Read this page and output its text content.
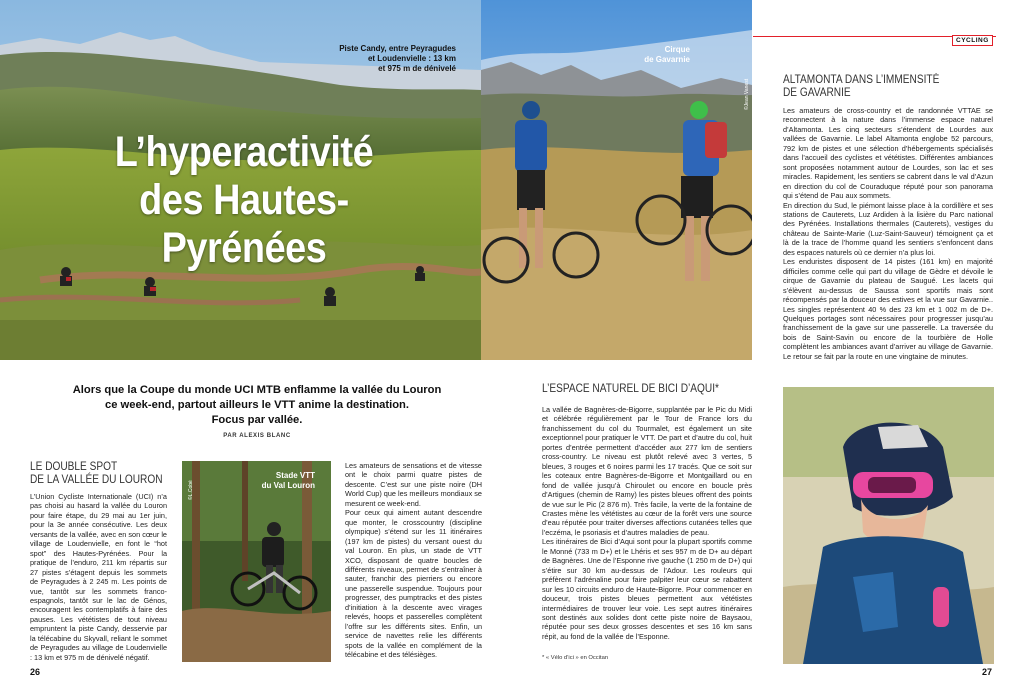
Piste Candy, entre Peyragudes
et Loudenvielle : 13 km
et 975 m de dénivelé
L’hyperactivité
des Hautes-Pyrénées
Cirque
de Gavarnie
©Jean Vanest
CYCLING
ALTAMONTA DANS L’IMMENSITÉ
DE GAVARNIE

Les amateurs de cross-country et de randonnée VTTAE se reconnectent à la nature dans l’immense espace naturel d’Altamonta. Les cinq secteurs s’étendent de Lourdes aux vallées de Gavarnie. Le label Altamonta englobe 52 parcours, 792 km de pistes et une sélection d’hébergements spécialisés dans l’accueil des cyclistes et vététistes. Différentes ambiances sont proposées notamment autour de Lourdes, son lac et ses miracles. Rapidement, les sentiers se cabrent dans le val d’Azun en direction du col de Couraduque réputé pour son panorama qui s’étend de Pau aux sommets.

En direction du Sud, le piémont laisse place à la cordillère et ses stations de Cauterets, Luz Ardiden à la lisière du Parc national des Pyrénées. Installations thermales (Cauterets), vestiges du château de Sainte-Marie (Luz-Saint-Sauveur) témoignent ça et là de la trace de l’homme quand les sentiers s’enfoncent dans des espaces naturels où ce dernier n’a plus loi.

Les enduristes disposent de 14 pistes (161 km) en majorité difficiles comme celle qui part du village de Gèdre et dévoile le cirque de Gavarnie du plateau de Saugué. Les lacets qui s’élèvent au-dessus de Saussa sont sportifs mais sont récompensés par la douceur des estives et la vue sur Gavarnie.. Les singles représentent 40 % des 23 km et 1 002 m de D+. Quelques portages sont nécessaires pour progresser jusqu’au franchissement de la gave sur une passerelle. La traversée du bois de Saint-Savin ou encore de la tourbière de Holle complètent les ambiances avant d’arriver au village de Gavarnie. Le retour se fait par la route en une vingtaine de minutes.

Alors que la Coupe du monde UCI MTB enflamme la vallée du Louron

ce week-end, partout ailleurs le VTT anime la destination.

Focus par vallée.

PAR ALEXIS BLANC
LE DOUBLE SPOT
DE LA VALLÉE DU LOURON

L’Union Cycliste Internationale (UCI) n’a pas choisi au hasard la vallée du Louron pour faire étape, du 29 mai au 1er juin, pour la 3e année consécutive. Les deux versants de la vallée, avec en son cœur le village de Loudenvielle, en font le “hot spot” des Hautes-Pyrénées. Pour la pratique de l’enduro, 211 km répartis sur 27 pistes s’étagent depuis les sommets de Peyragudes à 2 245 m. Les points de vue, tantôt sur les sommets franco-espagnols, tantôt sur le lac de Génos, encouragent les contemplatifs à faire des pauses. Les vététistes de tout niveau empruntent la piste Candy, desservie par la télécabine du Skyvall, reliant le sommet de Peyragudes au village de Loudenvielle : 13 km et 975 m de dénivelé négatif.

Stade VTT
du Val Louron
©L.Cobé

Les amateurs de sensations et de vitesse ont le choix parmi quatre pistes de descente. C’est sur une piste noire (DH World Cup) que les meilleurs mondiaux se mesurent ce week-end.

Pour ceux qui aiment autant descendre que monter, le crosscountry (discipline olympique) s’étend sur les 11 itinéraires (197 km de pistes) du versant ouest du val Louron. En plus, un stade de VTT XCO, disposant de quatre boucles de différents niveaux, permet de s’entraîner à sauter, franchir des pierriers ou encore une passerelle suspendue. Toujours pour progresser, des pumptracks et des pistes d’initiation à la descente avec virages relevés, hoops et passerelles complètent l’offre sur les différents sites. Enfin, un service de navettes relie les différents spots de la vallée en complément de la télécabine et des télésièges.

L’ESPACE NATUREL DE BICI D’AQUI*

La vallée de Bagnères-de-Bigorre, supplantée par le Pic du Midi et célébrée régulièrement par le Tour de France lors du franchissement du col du Tourmalet, est également un site exceptionnel pour pratiquer le VTT. De part et d’autre du col, huit portes d’entrée permettent d’accéder aux 277 km de sentiers cross-country. Le niveau est plutôt relevé avec 3 vertes, 5 bleues, 3 rouges et 6 noires parmi les 17 tracés. Que ce soit sur les coteaux entre Bagnères-de-Bigorre et Montgaillard ou en fond de vallée jusqu’à Chiroulet ou encore en boucle près d’Artigues (chemin de Ramy) les pistes bleues offrent des points de vue sur le Pic (2 876 m). Très facile, la verte de la fontaine de Crastes mène les vététistes au cœur de la forêt vers une source d’eau réputée pour traiter diverses affections cutanées telles que l’eczéma, le psoriasis et d’autres maladies de peau.

Les itinéraires de Bici d’Aqui sont pour la plupart sportifs comme le Monné (733 m D+) et le Lhéris et ses 957 m de D+ au départ de Bagnères. Une de l’Esponne rive gauche (1 250 m de D+) qui s’étire sur 30 km au-dessus de l’Adour. Les rouleurs qui préfèrent l’adrénaline pour faire palpiter leur cœur se rabattent sur les 10 circuits enduro de Haute-Bigorre. Pour commencer en douceur, trois pistes bleues permettent aux vététistes intermédiaires de trouver leur voie. Les sept autres itinéraires sont destinés aux solides dont cette piste noire de Baysaou, réputée pour ses deux grosses descentes et ses 16 km sans répit, au fond de la vallée de l’Esponne.

* « Vélo d’ici » en Occitan
26	27
